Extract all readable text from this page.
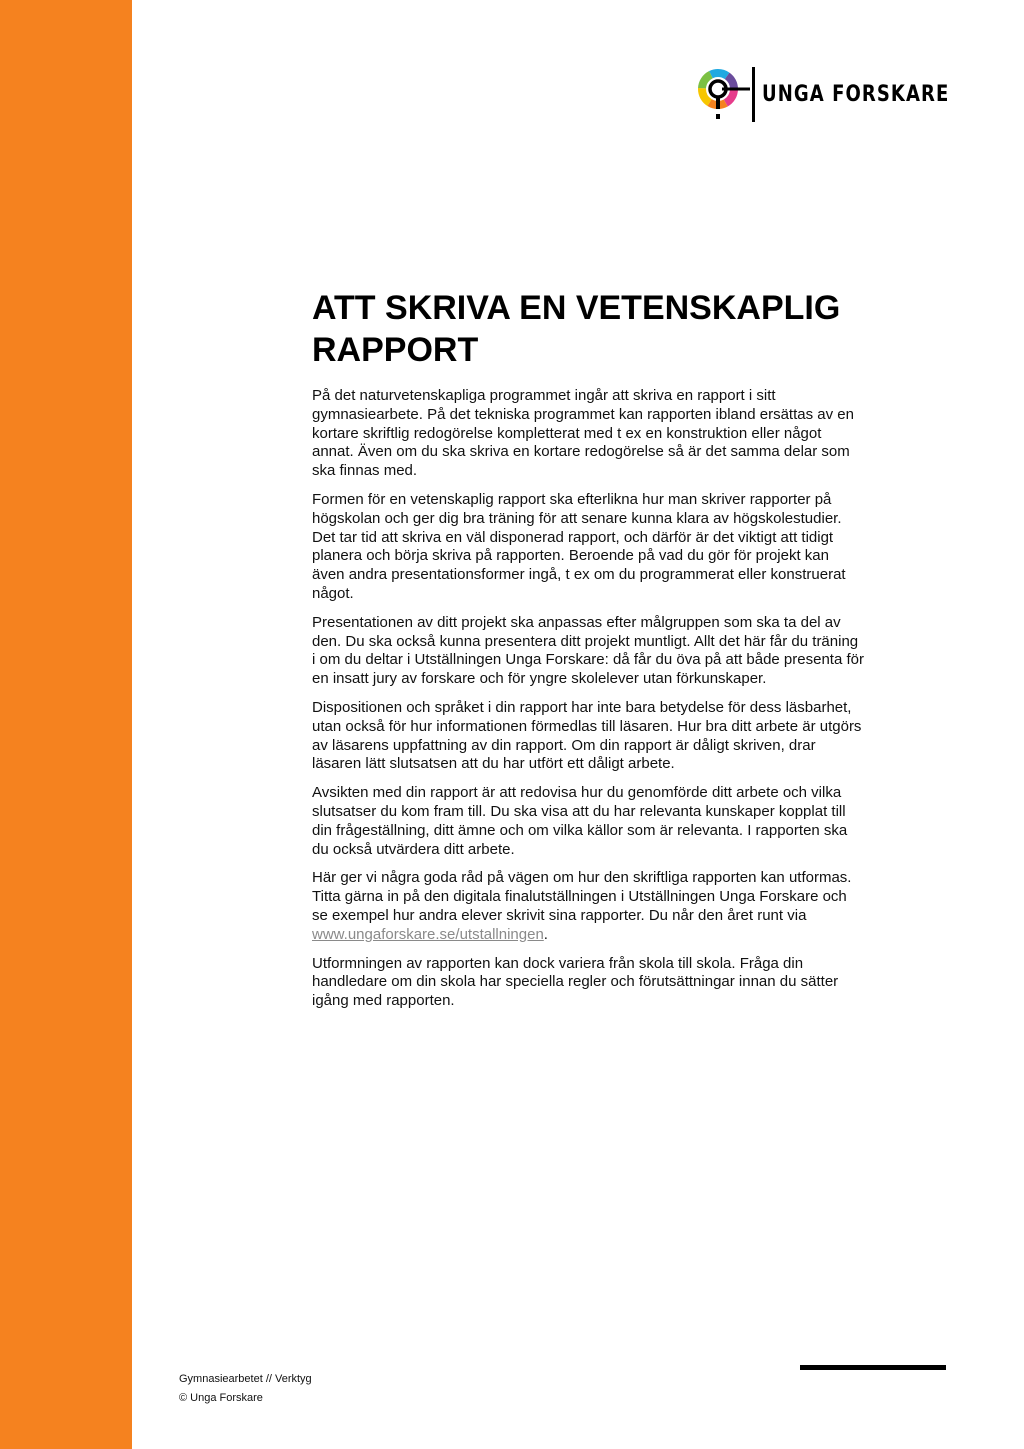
UNGA FORSKARE
ATT SKRIVA EN VETENSKAPLIG RAPPORT

På det naturvetenskapliga programmet ingår att skriva en rapport i sitt gymnasiearbete. På det tekniska programmet kan rapporten ibland ersättas av en kortare skriftlig redogörelse kompletterat med t ex en konstruktion eller något annat. Även om du ska skriva en kortare redogörelse så är det samma delar som ska finnas med.

Formen för en vetenskaplig rapport ska efterlikna hur man skriver rapporter på högskolan och ger dig bra träning för att senare kunna klara av högskolestudier. Det tar tid att skriva en väl disponerad rapport, och därför är det viktigt att tidigt planera och börja skriva på rapporten. Beroende på vad du gör för projekt kan även andra presentationsformer ingå, t ex om du programmerat eller konstruerat något.

Presentationen av ditt projekt ska anpassas efter målgruppen som ska ta del av den. Du ska också kunna presentera ditt projekt muntligt. Allt det här får du träning i om du deltar i Utställningen Unga Forskare: då får du öva på att både presenta för en insatt jury av forskare och för yngre skolelever utan förkunskaper.

Dispositionen och språket i din rapport har inte bara betydelse för dess läsbarhet, utan också för hur informationen förmedlas till läsaren. Hur bra ditt arbete är utgörs av läsarens uppfattning av din rapport. Om din rapport är dåligt skriven, drar läsaren lätt slutsatsen att du har utfört ett dåligt arbete.

Avsikten med din rapport är att redovisa hur du genomförde ditt arbete och vilka slutsatser du kom fram till. Du ska visa att du har relevanta kunskaper kopplat till din frågeställning, ditt ämne och om vilka källor som är relevanta. I rapporten ska du också utvärdera ditt arbete.

Här ger vi några goda råd på vägen om hur den skriftliga rapporten kan utformas. Titta gärna in på den digitala finalutställningen i Utställningen Unga Forskare och se exempel hur andra elever skrivit sina rapporter. Du når den året runt via www.ungaforskare.se/utstallningen.

Utformningen av rapporten kan dock variera från skola till skola. Fråga din handledare om din skola har speciella regler och förutsättningar innan du sätter igång med rapporten.

Gymnasiearbetet // Verktyg
© Unga Forskare
